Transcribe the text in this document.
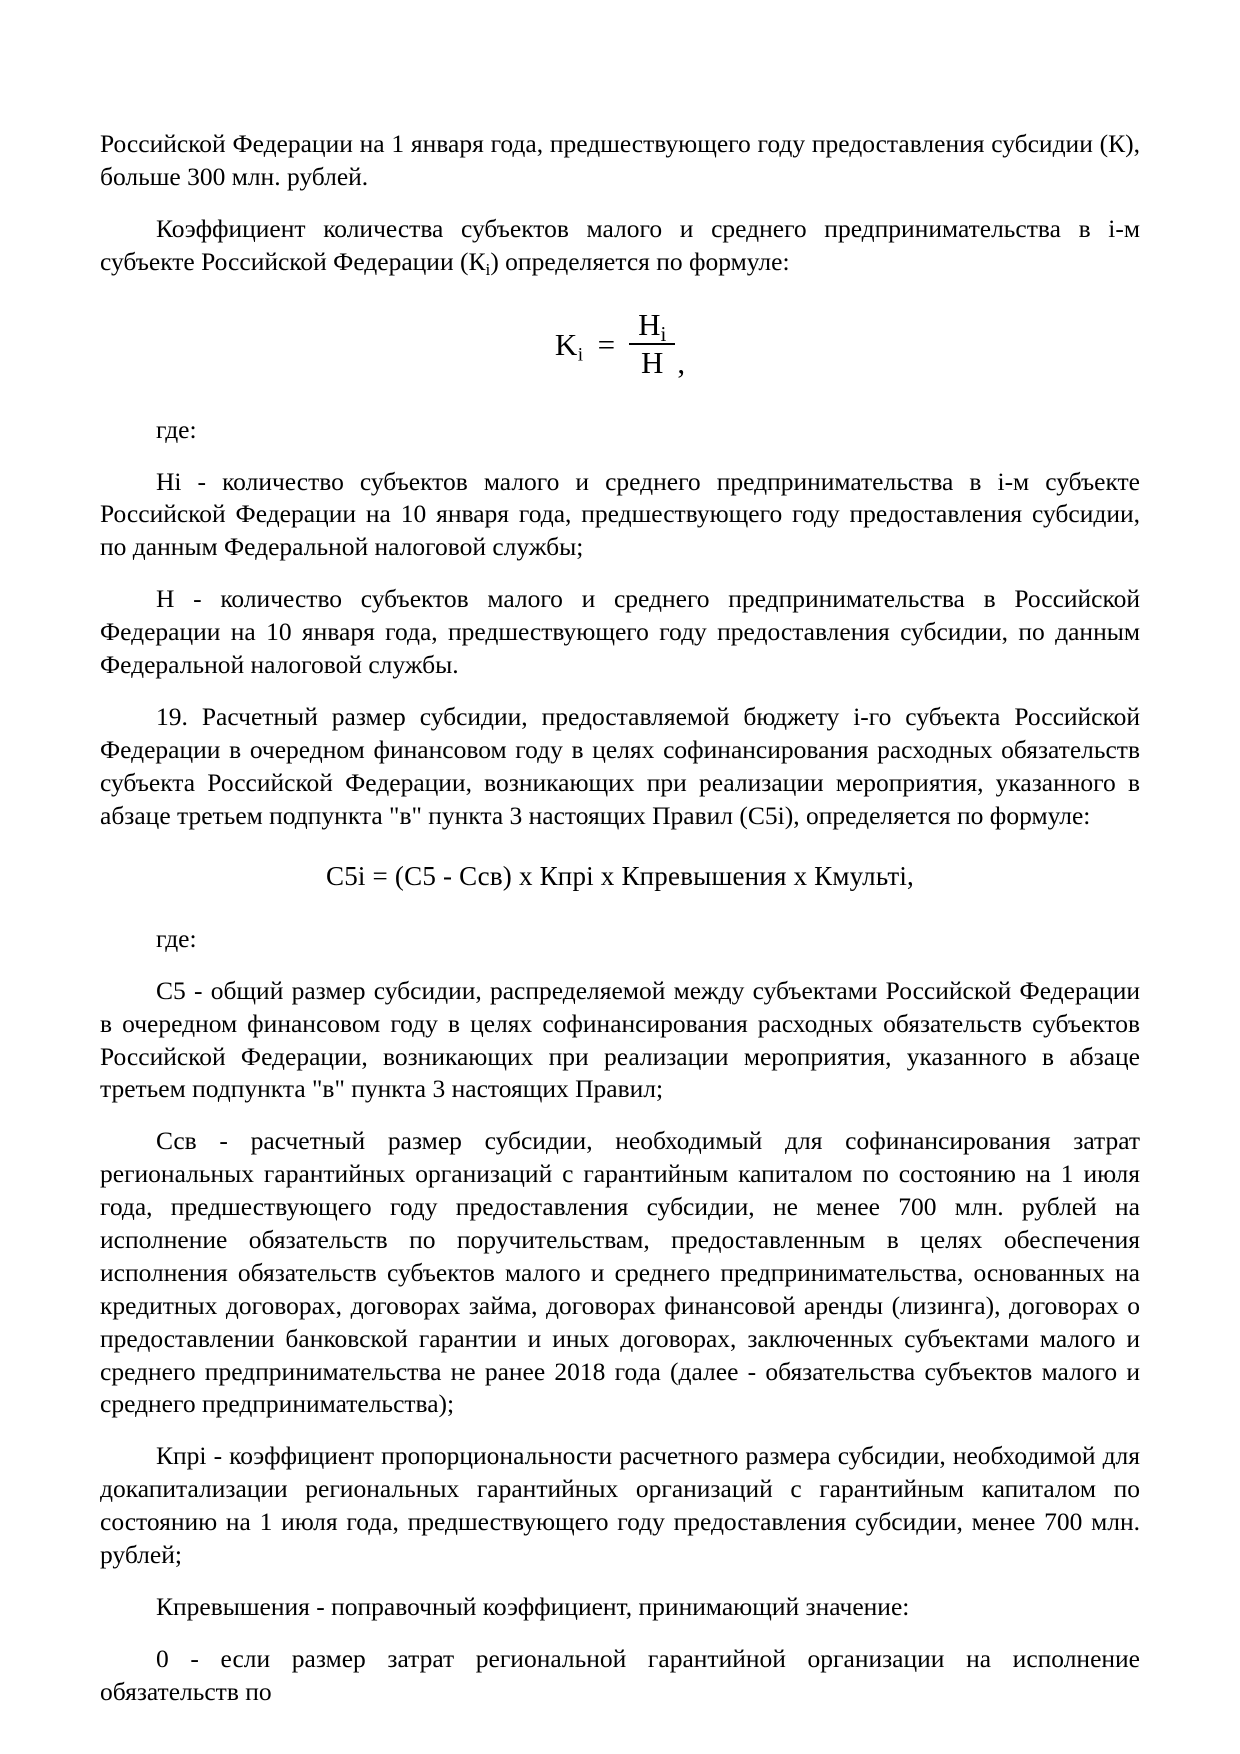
Российской Федерации на 1 января года, предшествующего году предоставления субсидии (К), больше 300 млн. рублей.

Коэффициент количества субъектов малого и среднего предпринимательства в i-м субъекте Российской Федерации $(К_i)$ определяется по формуле:

$K_i = \frac{H_i}{H}$ ,

где:

Нi - количество субъектов малого и среднего предпринимательства в i-м субъекте Российской Федерации на 10 января года, предшествующего году предоставления субсидии, по данным Федеральной налоговой службы;

Н - количество субъектов малого и среднего предпринимательства в Российской Федерации на 10 января года, предшествующего году предоставления субсидии, по данным Федеральной налоговой службы.

19. Расчетный размер субсидии, предоставляемой бюджету i-го субъекта Российской Федерации в очередном финансовом году в целях софинансирования расходных обязательств субъекта Российской Федерации, возникающих при реализации мероприятия, указанного в абзаце третьем подпункта "в" пункта 3 настоящих Правил (С5i), определяется по формуле:

С5i = (С5 - Ссв) х Кпрi х Кпревышения х Кмультi,

где:

С5 - общий размер субсидии, распределяемой между субъектами Российской Федерации в очередном финансовом году в целях софинансирования расходных обязательств субъектов Российской Федерации, возникающих при реализации мероприятия, указанного в абзаце третьем подпункта "в" пункта 3 настоящих Правил;

Ссв - расчетный размер субсидии, необходимый для софинансирования затрат региональных гарантийных организаций с гарантийным капиталом по состоянию на 1 июля года, предшествующего году предоставления субсидии, не менее 700 млн. рублей на исполнение обязательств по поручительствам, предоставленным в целях обеспечения исполнения обязательств субъектов малого и среднего предпринимательства, основанных на кредитных договорах, договорах займа, договорах финансовой аренды (лизинга), договорах о предоставлении банковской гарантии и иных договорах, заключенных субъектами малого и среднего предпринимательства не ранее 2018 года (далее - обязательства субъектов малого и среднего предпринимательства);

Кпрi - коэффициент пропорциональности расчетного размера субсидии, необходимой для докапитализации региональных гарантийных организаций с гарантийным капиталом по состоянию на 1 июля года, предшествующего году предоставления субсидии, менее 700 млн. рублей;

Кпревышения - поправочный коэффициент, принимающий значение:

0 - если размер затрат региональной гарантийной организации на исполнение обязательств по
